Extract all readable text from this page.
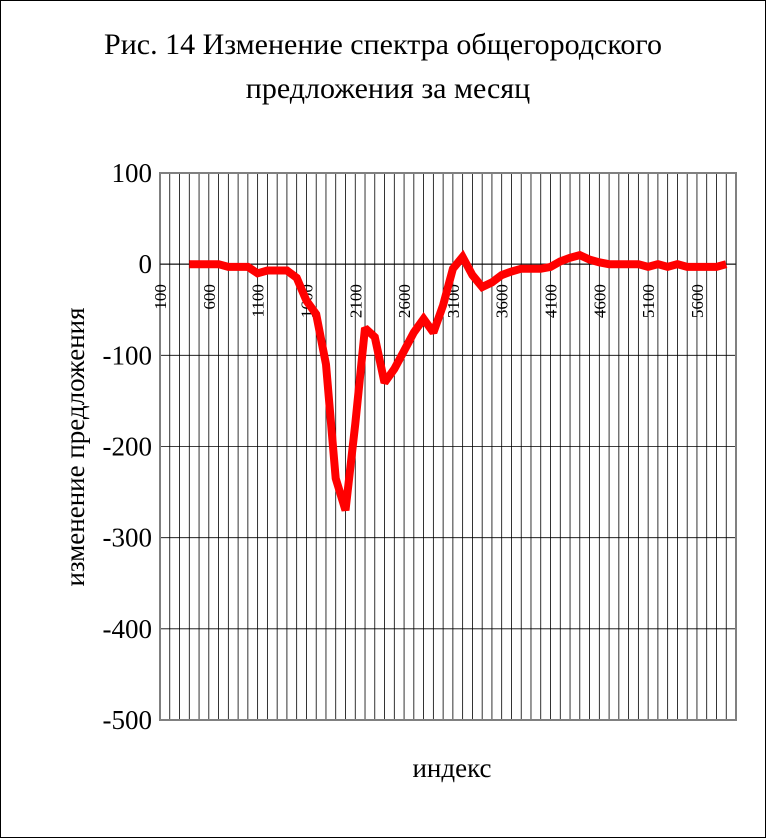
Рис. 14 Изменение спектра общегородского
предложения за месяц
100
0
-100
-200
-300
-400
-500
100 600 1100 1600 2100 2600 3100 3600 4100 4600 5100 5600
индекс
изменение предложения
